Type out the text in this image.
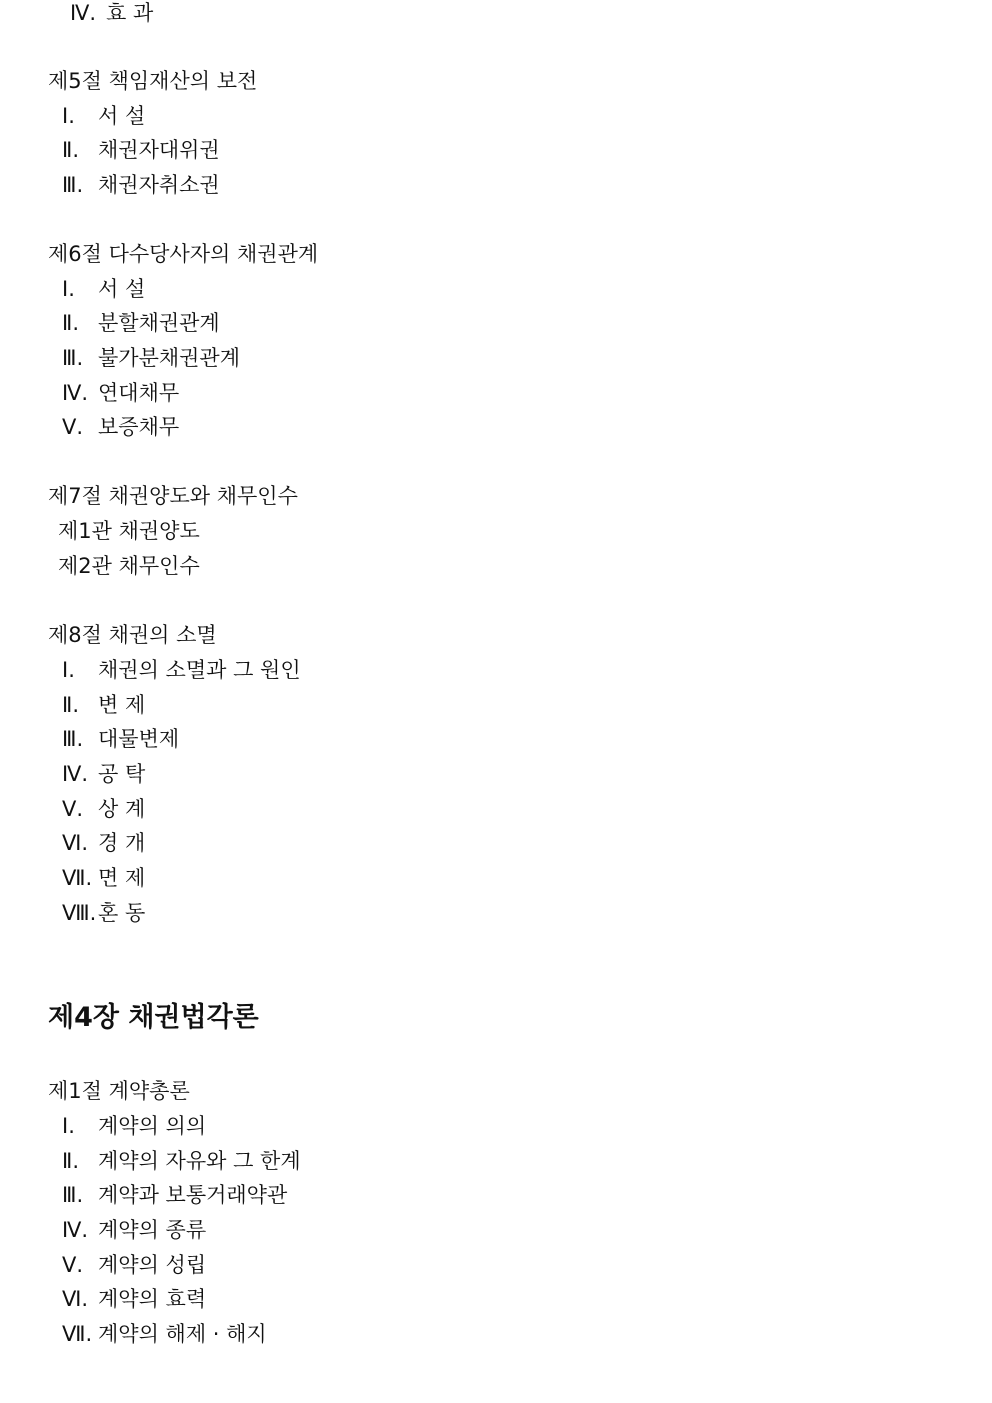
Ⅳ. 효 과
제5절 책임재산의 보전
Ⅰ. 서 설
Ⅱ. 채권자대위권
Ⅲ. 채권자취소권
제6절 다수당사자의 채권관계
Ⅰ. 서 설
Ⅱ. 분할채권관계
Ⅲ. 불가분채권관계
Ⅳ. 연대채무
Ⅴ. 보증채무
제7절 채권양도와 채무인수
제1관 채권양도
제2관 채무인수
제8절 채권의 소멸
Ⅰ. 채권의 소멸과 그 원인
Ⅱ. 변 제
Ⅲ. 대물변제
Ⅳ. 공 탁
Ⅴ. 상 계
Ⅵ. 경 개
Ⅶ. 면 제
Ⅷ.혼 동
제4장 채권법각론
제1절 계약총론
Ⅰ. 계약의 의의
Ⅱ. 계약의 자유와 그 한계
Ⅲ. 계약과 보통거래약관
Ⅳ. 계약의 종류
Ⅴ. 계약의 성립
Ⅵ. 계약의 효력
Ⅶ. 계약의 해제 · 해지
